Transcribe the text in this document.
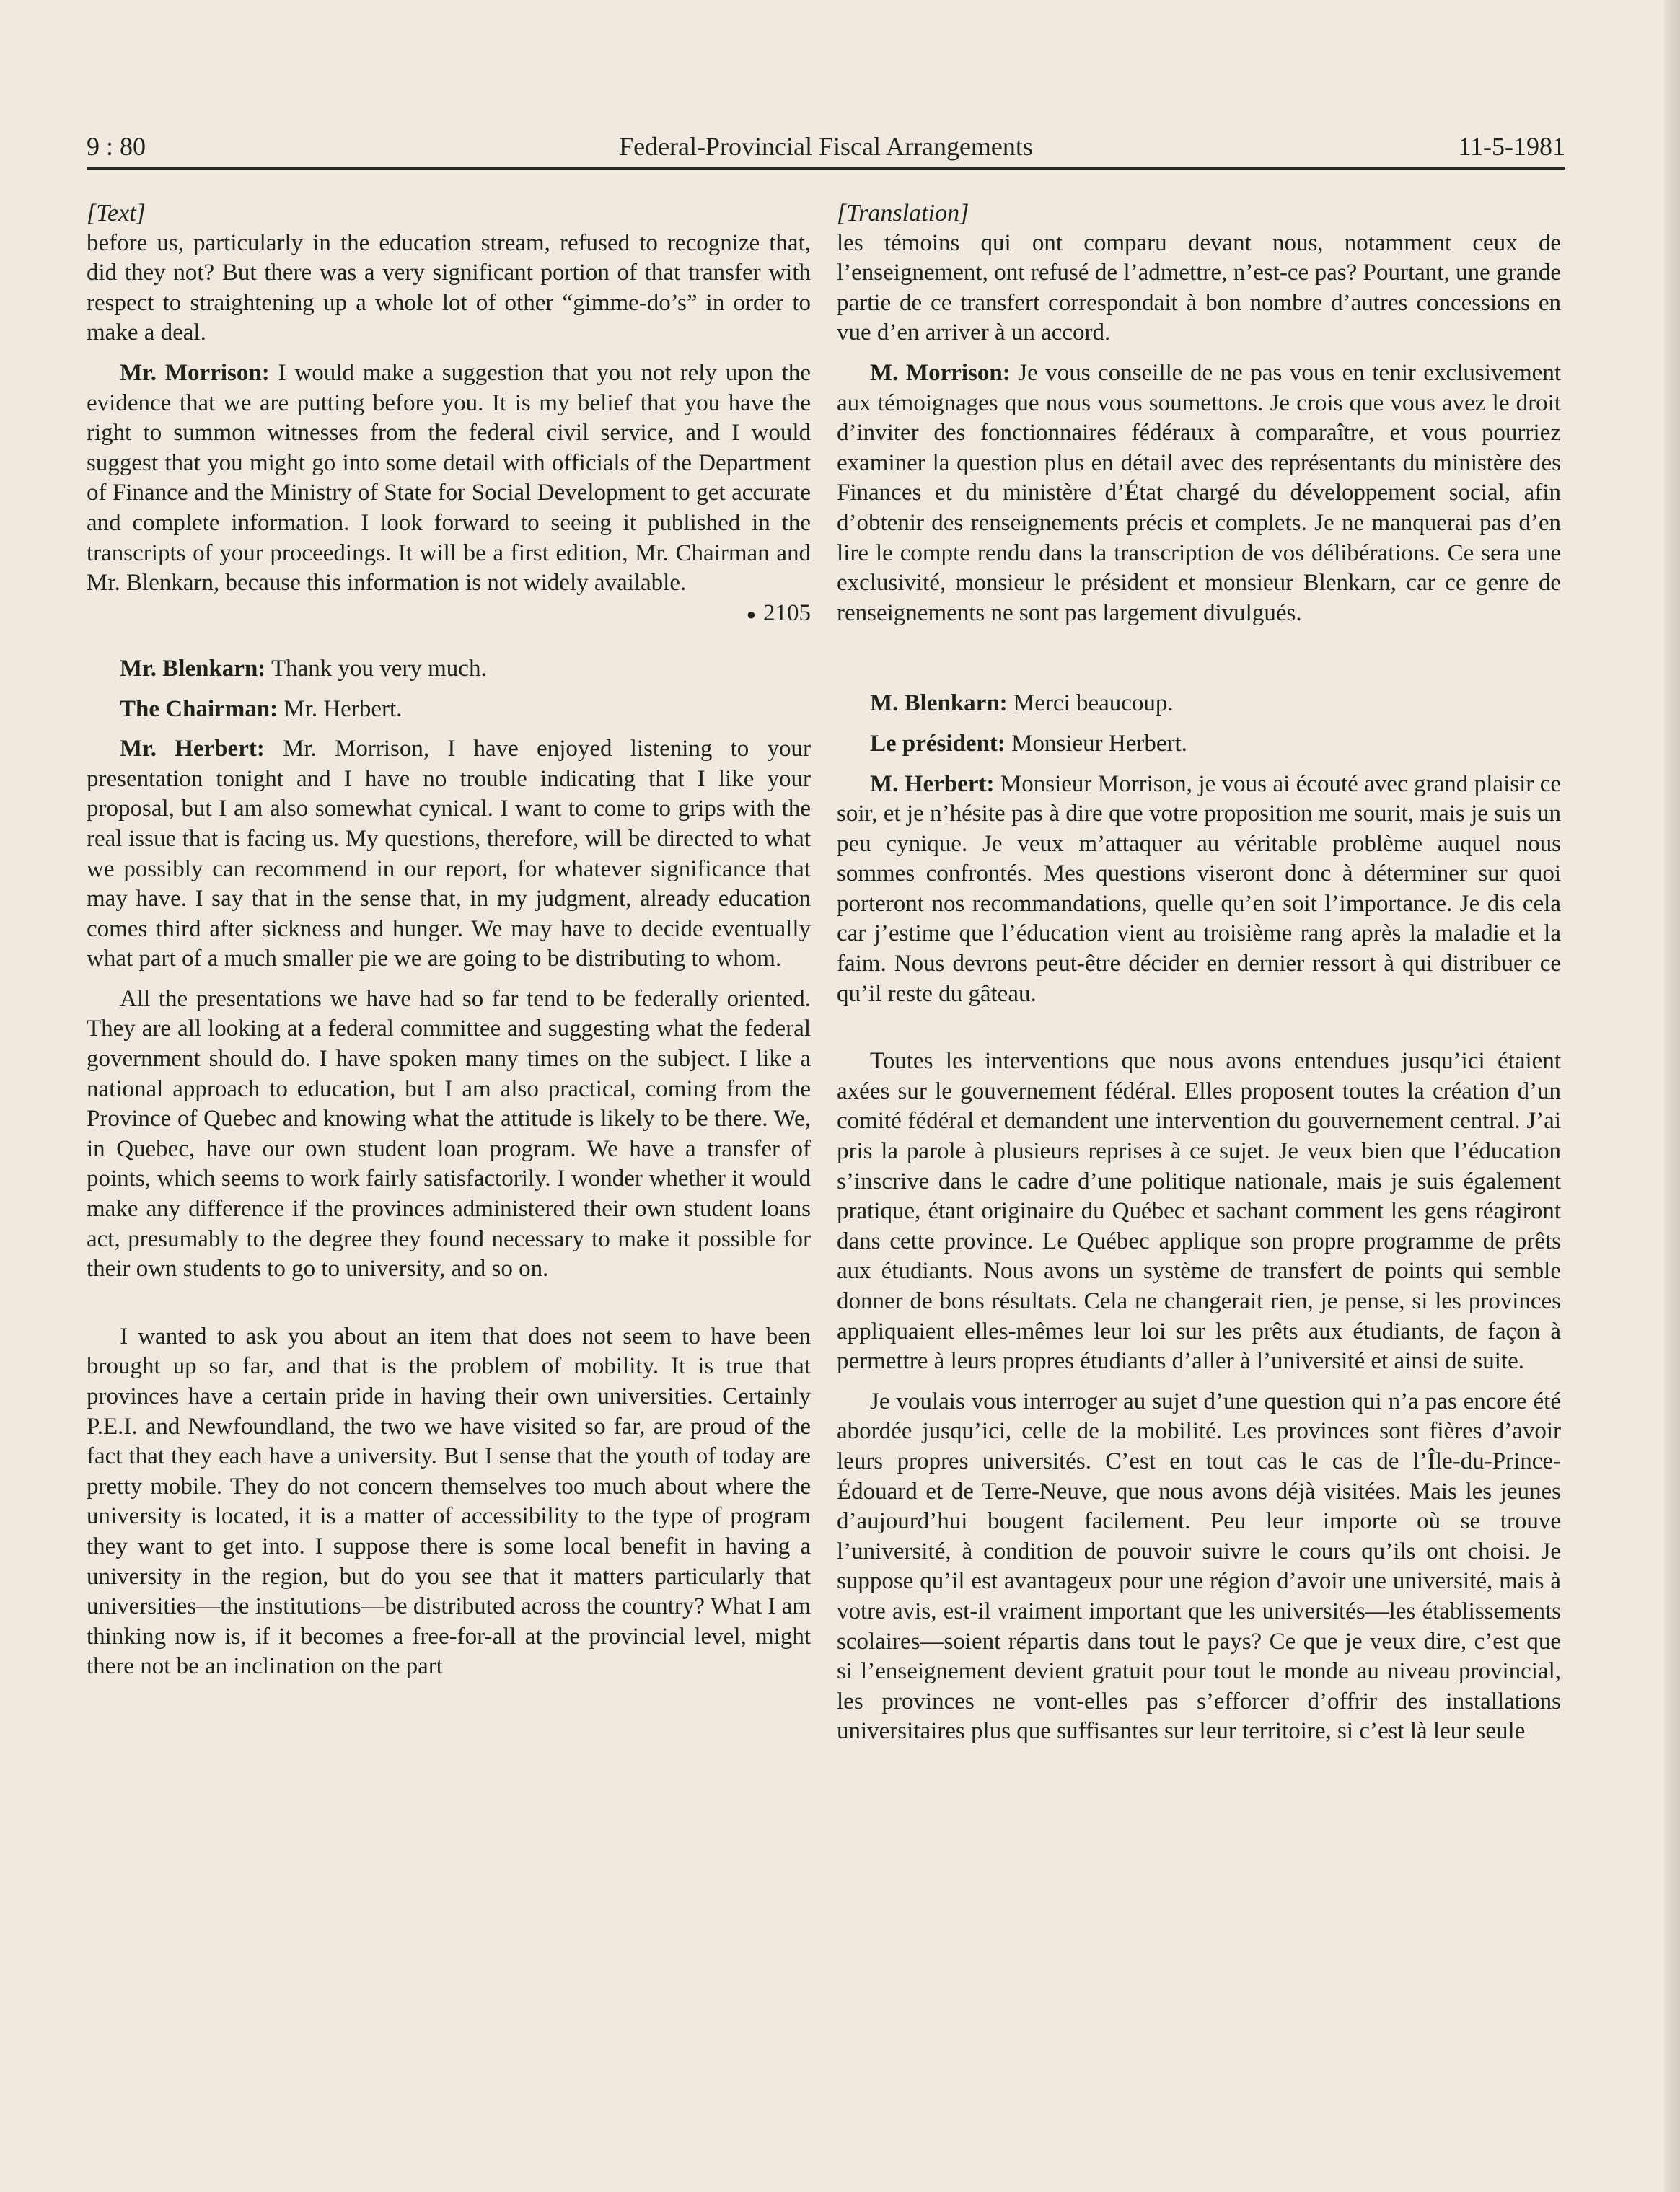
9 : 80	Federal-Provincial Fiscal Arrangements	11-5-1981

[Text]

before us, particularly in the education stream, refused to recognize that, did they not? But there was a very significant portion of that transfer with respect to straightening up a whole lot of other “gimme-do’s” in order to make a deal.

Mr. Morrison: I would make a suggestion that you not rely upon the evidence that we are putting before you. It is my belief that you have the right to summon witnesses from the federal civil service, and I would suggest that you might go into some detail with officials of the Department of Finance and the Ministry of State for Social Development to get accurate and complete information. I look forward to seeing it published in the transcripts of your proceedings. It will be a first edition, Mr. Chairman and Mr. Blenkarn, because this information is not widely available.

● 2105

Mr. Blenkarn: Thank you very much.

The Chairman: Mr. Herbert.

Mr. Herbert: Mr. Morrison, I have enjoyed listening to your presentation tonight and I have no trouble indicating that I like your proposal, but I am also somewhat cynical. I want to come to grips with the real issue that is facing us. My questions, therefore, will be directed to what we possibly can recommend in our report, for whatever significance that may have. I say that in the sense that, in my judgment, already education comes third after sickness and hunger. We may have to decide eventually what part of a much smaller pie we are going to be distributing to whom.

All the presentations we have had so far tend to be federally oriented. They are all looking at a federal committee and suggesting what the federal government should do. I have spoken many times on the subject. I like a national approach to education, but I am also practical, coming from the Province of Quebec and knowing what the attitude is likely to be there. We, in Quebec, have our own student loan program. We have a transfer of points, which seems to work fairly satisfactorily. I wonder whether it would make any difference if the provinces administered their own student loans act, presumably to the degree they found necessary to make it possible for their own students to go to university, and so on.

I wanted to ask you about an item that does not seem to have been brought up so far, and that is the problem of mobility. It is true that provinces have a certain pride in having their own universities. Certainly P.E.I. and Newfoundland, the two we have visited so far, are proud of the fact that they each have a university. But I sense that the youth of today are pretty mobile. They do not concern themselves too much about where the university is located, it is a matter of accessibility to the type of program they want to get into. I suppose there is some local benefit in having a university in the region, but do you see that it matters particularly that universities—the institutions—be distributed across the country? What I am thinking now is, if it becomes a free-for-all at the provincial level, might there not be an inclination on the part

[Translation]

les témoins qui ont comparu devant nous, notamment ceux de l’enseignement, ont refusé de l’admettre, n’est-ce pas? Pourtant, une grande partie de ce transfert correspondait à bon nombre d’autres concessions en vue d’en arriver à un accord.

M. Morrison: Je vous conseille de ne pas vous en tenir exclusivement aux témoignages que nous vous soumettons. Je crois que vous avez le droit d’inviter des fonctionnaires fédéraux à comparaître, et vous pourriez examiner la question plus en détail avec des représentants du ministère des Finances et du ministère d’État chargé du développement social, afin d’obtenir des renseignements précis et complets. Je ne manquerai pas d’en lire le compte rendu dans la transcription de vos délibérations. Ce sera une exclusivité, monsieur le président et monsieur Blenkarn, car ce genre de renseignements ne sont pas largement divulgués.

M. Blenkarn: Merci beaucoup.

Le président: Monsieur Herbert.

M. Herbert: Monsieur Morrison, je vous ai écouté avec grand plaisir ce soir, et je n’hésite pas à dire que votre proposition me sourit, mais je suis un peu cynique. Je veux m’attaquer au véritable problème auquel nous sommes confrontés. Mes questions viseront donc à déterminer sur quoi porteront nos recommandations, quelle qu’en soit l’importance. Je dis cela car j’estime que l’éducation vient au troisième rang après la maladie et la faim. Nous devrons peut-être décider en dernier ressort à qui distribuer ce qu’il reste du gâteau.

Toutes les interventions que nous avons entendues jusqu’ici étaient axées sur le gouvernement fédéral. Elles proposent toutes la création d’un comité fédéral et demandent une intervention du gouvernement central. J’ai pris la parole à plusieurs reprises à ce sujet. Je veux bien que l’éducation s’inscrive dans le cadre d’une politique nationale, mais je suis également pratique, étant originaire du Québec et sachant comment les gens réagiront dans cette province. Le Québec applique son propre programme de prêts aux étudiants. Nous avons un système de transfert de points qui semble donner de bons résultats. Cela ne changerait rien, je pense, si les provinces appliquaient elles-mêmes leur loi sur les prêts aux étudiants, de façon à permettre à leurs propres étudiants d’aller à l’université et ainsi de suite.

Je voulais vous interroger au sujet d’une question qui n’a pas encore été abordée jusqu’ici, celle de la mobilité. Les provinces sont fières d’avoir leurs propres universités. C’est en tout cas le cas de l’Île-du-Prince-Édouard et de Terre-Neuve, que nous avons déjà visitées. Mais les jeunes d’aujourd’hui bougent facilement. Peu leur importe où se trouve l’université, à condition de pouvoir suivre le cours qu’ils ont choisi. Je suppose qu’il est avantageux pour une région d’avoir une université, mais à votre avis, est-il vraiment important que les universités—les établissements scolaires—soient répartis dans tout le pays? Ce que je veux dire, c’est que si l’enseignement devient gratuit pour tout le monde au niveau provincial, les provinces ne vont-elles pas s’efforcer d’offrir des installations universitaires plus que suffisantes sur leur territoire, si c’est là leur seule
